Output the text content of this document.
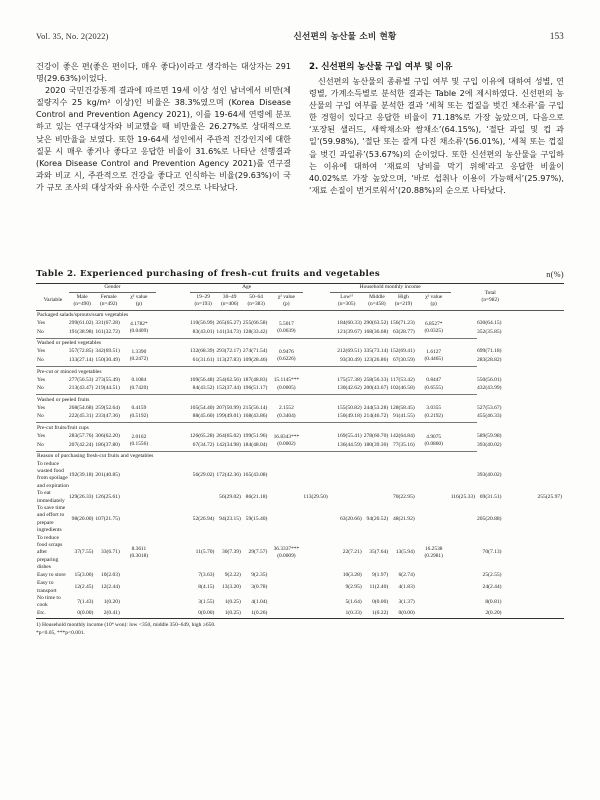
Vol. 35, No. 2(2022)	신선편의 농산물 소비 현황	153

건강이 좋은 편(좋은 편이다, 매우 좋다)이라고 생각하는 대상자는 291명(29.63%)이었다.

2020 국민건강통계 결과에 따르면 19세 이상 성인 남녀에서 비만(체질량지수 25 kg/m² 이상)인 비율은 38.3%였으며 (Korea Disease Control and Prevention Agency 2021), 이를 19-64세 연령에 분포하고 있는 연구대상자와 비교했을 때 비만율은 26.27%로 상대적으로 낮은 비만율을 보였다. 또한 19-64세 성인에서 주관적 건강인지에 대한 질문 시 매우 좋거나 좋다고 응답한 비율이 31.6%로 나타난 선행결과(Korea Disease Control and Prevention Agency 2021)를 연구결과와 비교 시, 주관적으로 건강을 좋다고 인식하는 비율(29.63%)이 국가 규모 조사의 대상자와 유사한 수준인 것으로 나타났다.

2. 신선편의 농산물 구입 여부 및 이유

신선편의 농산물의 종류별 구입 여부 및 구입 이유에 대하여 성별, 연령별, 가계소득별로 분석한 결과는 Table 2에 제시하였다. 신선편의 농산물의 구입 여부를 분석한 결과 ‘세척 또는 껍질을 벗긴 채소류’를 구입한 경험이 있다고 응답한 비율이 71.18%로 가장 높았으며, 다음으로 ‘포장된 샐러드, 새싹채소와 쌈채소’(64.15%), ‘절단 과일 및 컵 과일’(59.98%), ‘절단 또는 잘게 다진 채소류’(56.01%), ‘세척 또는 껍질을 벗긴 과일류’(53.67%)의 순이었다. 또한 신선편의 농산물을 구입하는 이유에 대하여 ‘재료의 낭비를 막기 위해’라고 응답한 비율이 40.02%로 가장 높았으며, ‘바로 섭취나 이용이 가능해서’(25.97%), ‘재료 손질이 번거로워서’(20.88%)의 순으로 나타났다.

Table 2. Experienced purchasing of fresh-cut fruits and vegetables	n(%)
	Gender				Age					Household monthly income					Total
(n=982)		

Variable	Male
(n=490)	Female
(n=492)	χ² value
(p)		19–29
(n=193)	30–49
(n=406)	50–64
(n=383)	χ² value
(p)		Low¹⁾
(n=305)	Middle
(n=458)	High
(n=219)	χ² value
(p)				

Packaged salads/sprouts/ssam vegetables																	
Yes	299(61.02)	331(67.28)	4.1782*
(0.0409)		110(56.99)	265(65.27)	255(66.58)	5.5017
(0.0639)		184(60.33)	290(63.52)	156(71.23)	6.8527*
(0.0325)		630(64.15)		
No	191(38.98)	161(32.72)			83(43.01)	141(34.73)	128(33.42)			121(39.67)	168(36.68)	63(28.77)			352(35.85)		

Washed or peeled vegetables																	
Yes	357(72.85)	342(69.51)	1.3390
(0.2472)		132(68.39)	293(72.17)	274(71.54)	0.9476
(0.6226)		212(69.51)	335(73.14)	152(69.41)	1.6127
(0.4465)		699(71.18)		
No	133(27.14)	150(30.49)			61(31.61)	113(27.83)	109(28.46)			93(30.49)	123(26.86)	67(30.59)			283(28.82)		

Pre-cut or minced vegetables																	
Yes	277(56.53)	273(55.49)	0.1084
(0.7420)		109(56.48)	254(62.56)	187(48.83)	15.1145***
(0.0005)		175(57.38)	258(56.33)	117(53.42)	0.8447
(0.6555)		550(56.01)		
No	213(43.47)	219(44.51)			84(43.52)	152(37.44)	196(51.17)			130(42.62)	200(43.67)	102(46.58)			432(43.99)		

Washed or peeled fruits																	
Yes	268(54.68)	259(52.64)	0.4159
(0.5192)		105(54.40)	207(50.99)	215(56.14)	2.1552
(0.3404)		155(50.82)	244(53.28)	128(58.45)	3.0355
(0.2192)		527(53.67)		
No	222(45.31)	233(47.36)			88(45.60)	199(49.01)	168(43.86)			150(49.18)	214(46.72)	91(41.55)			455(46.33)		

Pre-cut fruits/fruit cups																	
Yes	283(57.76)	306(62.20)	2.0162
(0.1556)		126(65.28)	264(65.02)	199(51.96)	16.8343***
(0.0002)		169(55.41)	278(60.70)	142(64.84)	4.9075
(0.0860)		589(59.98)		
No	207(42.24)	186(37.80)			67(34.72)	142(34.98)	184(48.04)			136(44.59)	180(39.30)	77(35.16)			393(40.02)		

Reason of purchasing fresh-cut fruits and vegetables																	
To reduce wasted food from spoilage and expiration	192(39.18)	201(40.85)			56(29.02)	172(42.36)	165(43.08)								393(40.02)		
To eat immediately	129(26.33)	126(25.61)				56(29.02)	86(21.18)		113(29.50)			70(22.95)		116(25.33)	69(31.51)			255(25.97)
To save time and effort to prepare ingredients	98(20.00)	107(21.75)			52(26.94)	94(23.15)	59(15.40)			63(20.66)	94(20.52)	48(21.92)			205(20.88)		
To reduce food scraps after preparing dishes	37(7.55)	33(6.71)	8.3611
(0.3018)		11(5.70)	30(7.39)	29(7.57)	36.3337***
(0.0009)		22(7.21)	35(7.64)	13(5.94)	16.2538
(0.2981)		70(7.13)		
Easy to store	15(3.06)	10(2.03)			7(3.63)	9(2.22)	9(2.35)			10(3.28)	9(1.97)	6(2.74)			25(2.55)		
Easy to transport	12(2.45)	12(2.44)			8(4.15)	13(3.20)	3(0.78)			9(2.95)	11(2.40)	4(1.83)			24(2.44)		
No time to cook	7(1.43)	1(0.20)			3(1.55)	1(0.25)	4(1.04)			5(1.64)	0(0.00)	3(1.37)			8(0.81)		
Etc.	0(0.00)	2(0.41)			0(0.00)	1(0.25)	1(0.26)			1(0.33)	1(0.22)	0(0.00)			2(0.20)		
1) Household monthly income (10⁴ won): low <350, middle 350–649, high ≥650.
*p<0.05, ***p<0.001.
